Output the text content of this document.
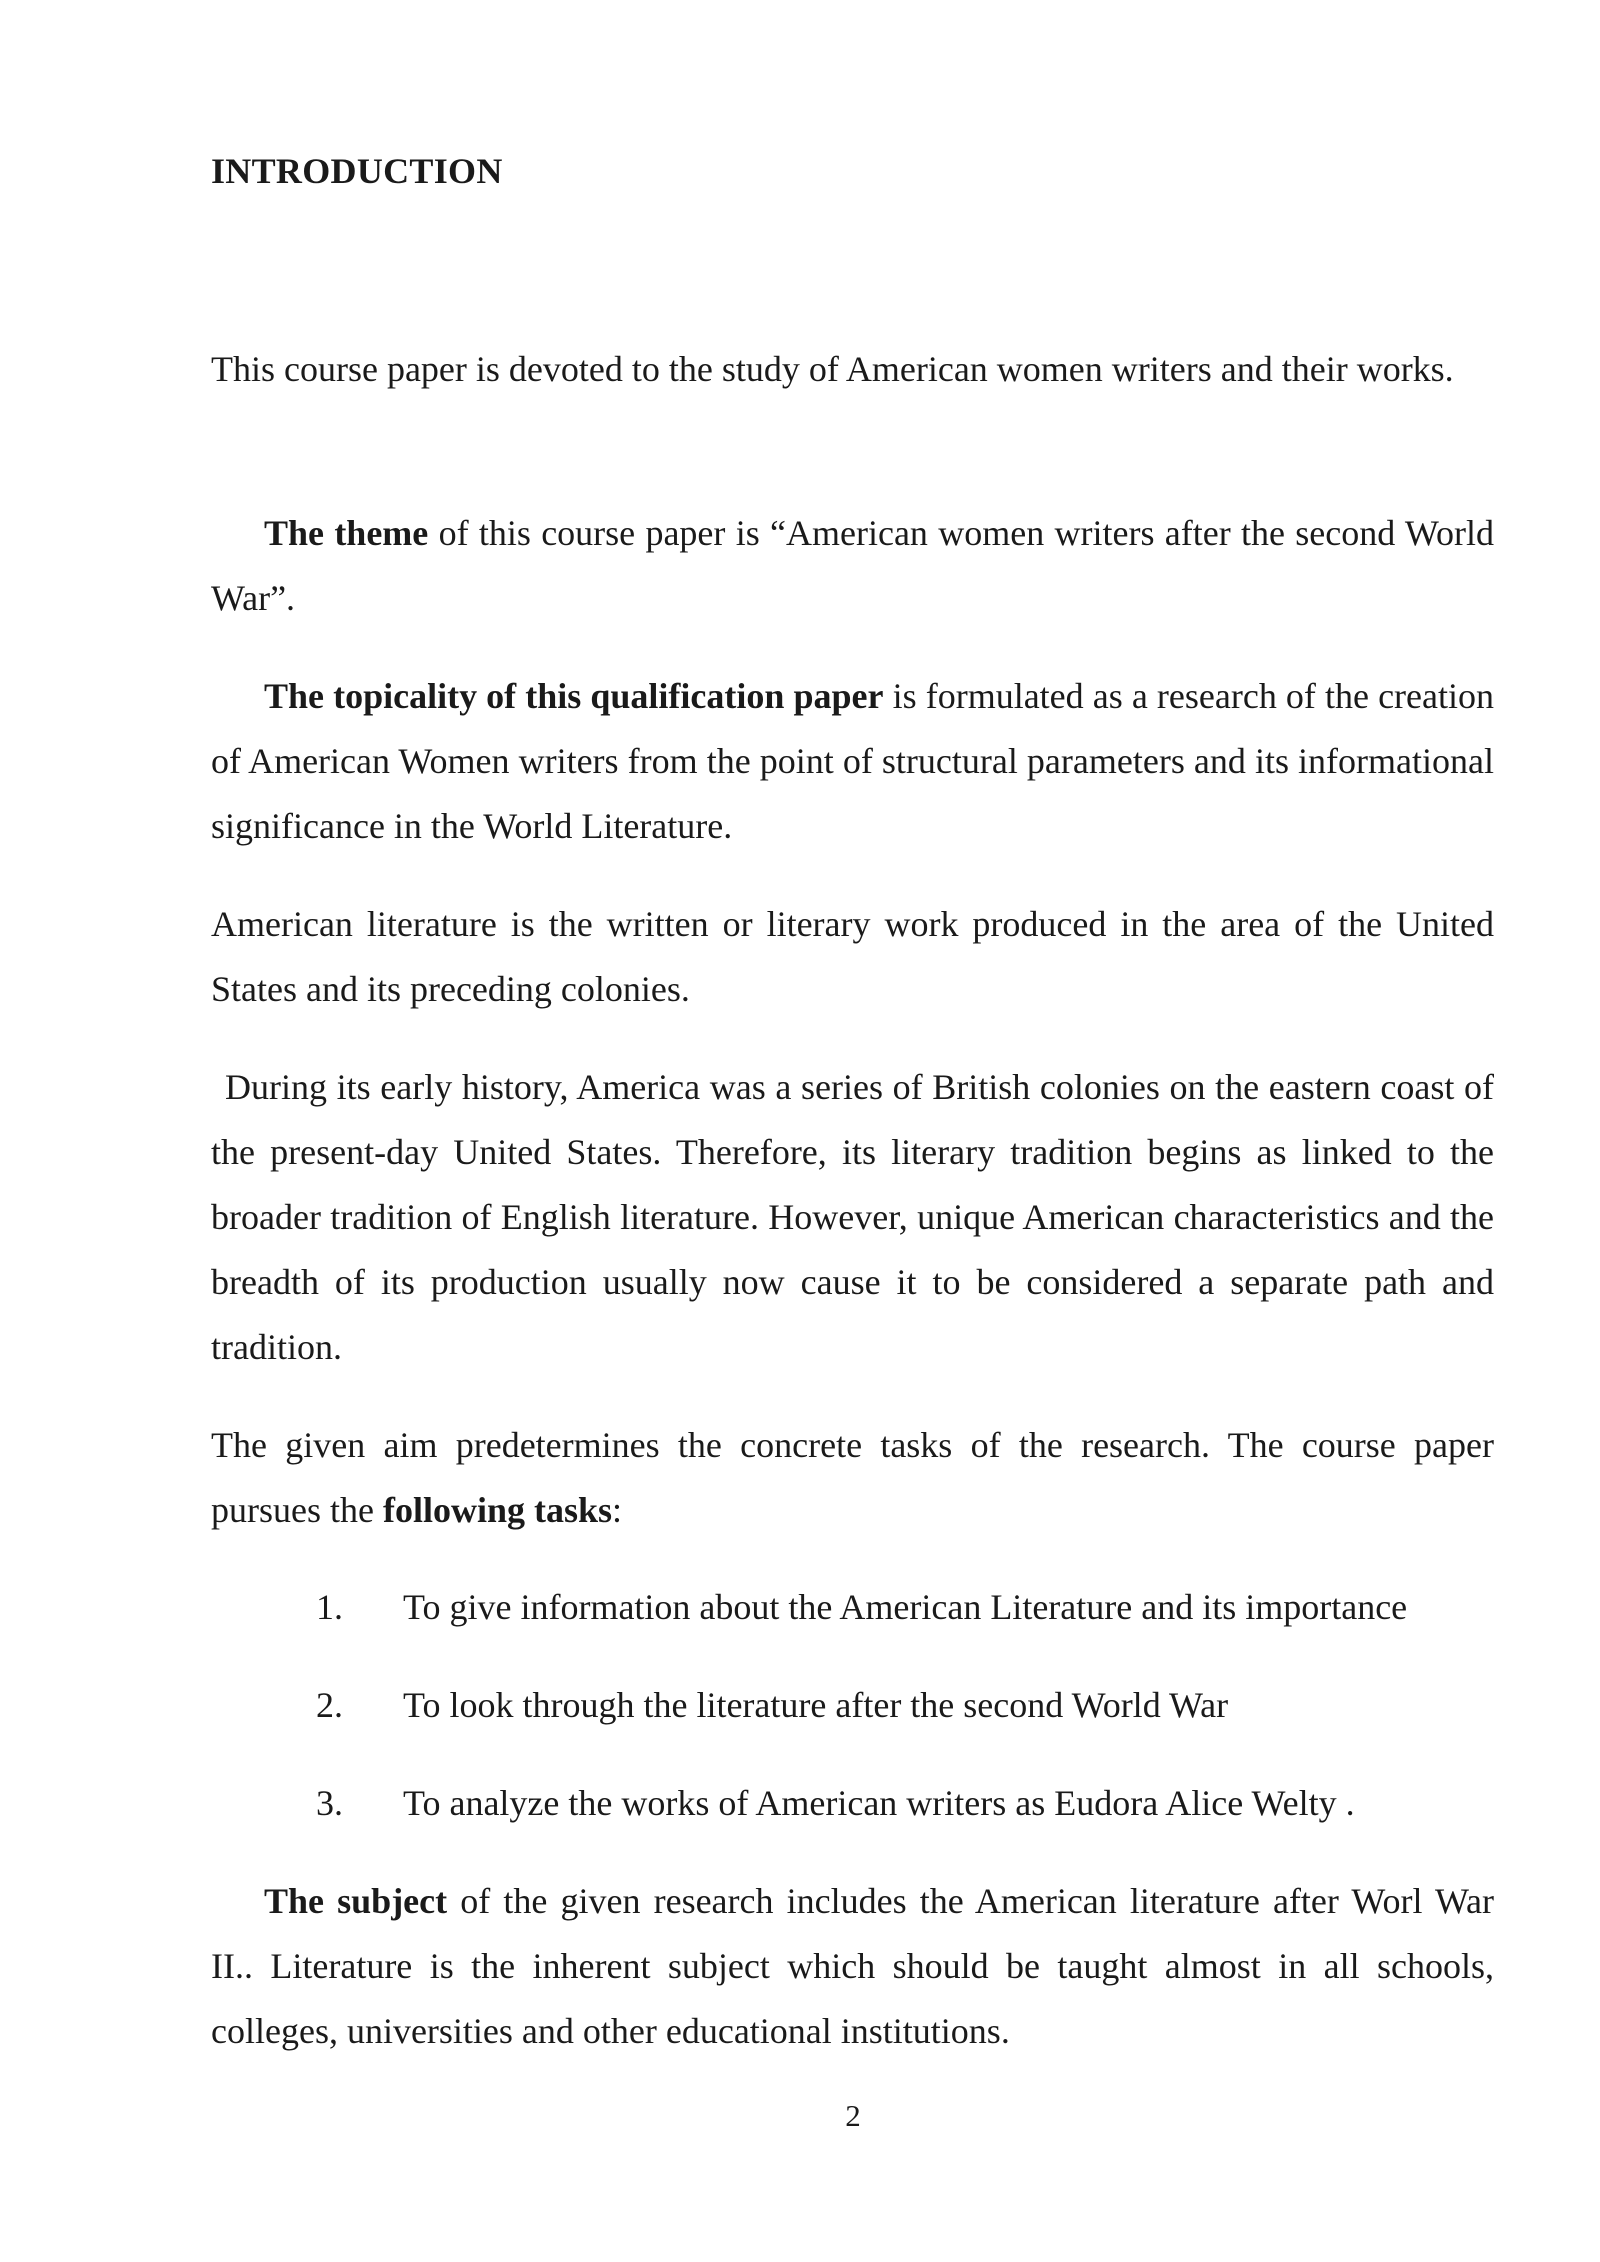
INTRODUCTION

This course paper is devoted to the study of American women writers and their works.

The theme of this course paper is “American women writers after the second World War”.

The topicality of this qualification paper is formulated as a research of the creation of American Women writers from the point of structural parameters and its informational significance in the World Literature.

American literature is the written or literary work produced in the area of the United States and its preceding colonies.

During its early history, America was a series of British colonies on the eastern coast of the present-day United States. Therefore, its literary tradition begins as linked to the broader tradition of English literature. However, unique American characteristics and the breadth of its production usually now cause it to be considered a separate path and tradition.

The given aim predetermines the concrete tasks of the research. The course paper pursues the following tasks:

1. To give information about the American Literature and its importance
2. To look through the literature after the second World War
3. To analyze the works of American writers as Eudora Alice Welty .

The subject of the given research includes the American literature after Worl War II.. Literature is the inherent subject which should be taught almost in all schools, colleges, universities and other educational institutions.

2
